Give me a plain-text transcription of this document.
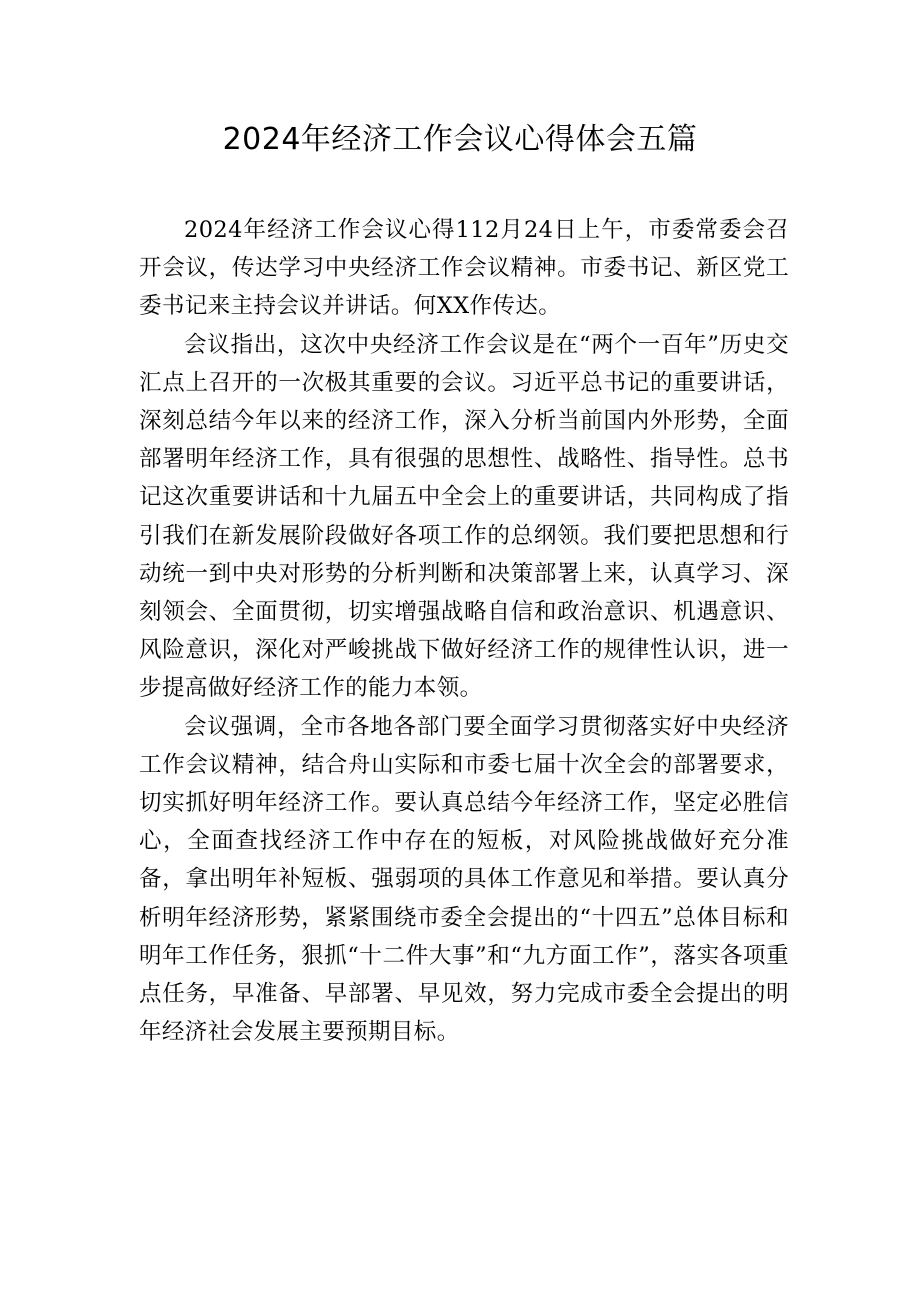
2024年经济工作会议心得体会五篇

2024年经济工作会议心得112月24日上午，市委常委会召开会议，传达学习中央经济工作会议精神。市委书记、新区党工委书记来主持会议并讲话。何XX作传达。

会议指出，这次中央经济工作会议是在“两个一百年”历史交汇点上召开的一次极其重要的会议。习近平总书记的重要讲话，深刻总结今年以来的经济工作，深入分析当前国内外形势，全面部署明年经济工作，具有很强的思想性、战略性、指导性。总书记这次重要讲话和十九届五中全会上的重要讲话，共同构成了指引我们在新发展阶段做好各项工作的总纲领。我们要把思想和行动统一到中央对形势的分析判断和决策部署上来，认真学习、深刻领会、全面贯彻，切实增强战略自信和政治意识、机遇意识、风险意识，深化对严峻挑战下做好经济工作的规律性认识，进一步提高做好经济工作的能力本领。

会议强调，全市各地各部门要全面学习贯彻落实好中央经济工作会议精神，结合舟山实际和市委七届十次全会的部署要求，切实抓好明年经济工作。要认真总结今年经济工作，坚定必胜信心，全面查找经济工作中存在的短板，对风险挑战做好充分准备，拿出明年补短板、强弱项的具体工作意见和举措。要认真分析明年经济形势，紧紧围绕市委全会提出的“十四五”总体目标和明年工作任务，狠抓“十二件大事”和“九方面工作”，落实各项重点任务，早准备、早部署、早见效，努力完成市委全会提出的明年经济社会发展主要预期目标。
